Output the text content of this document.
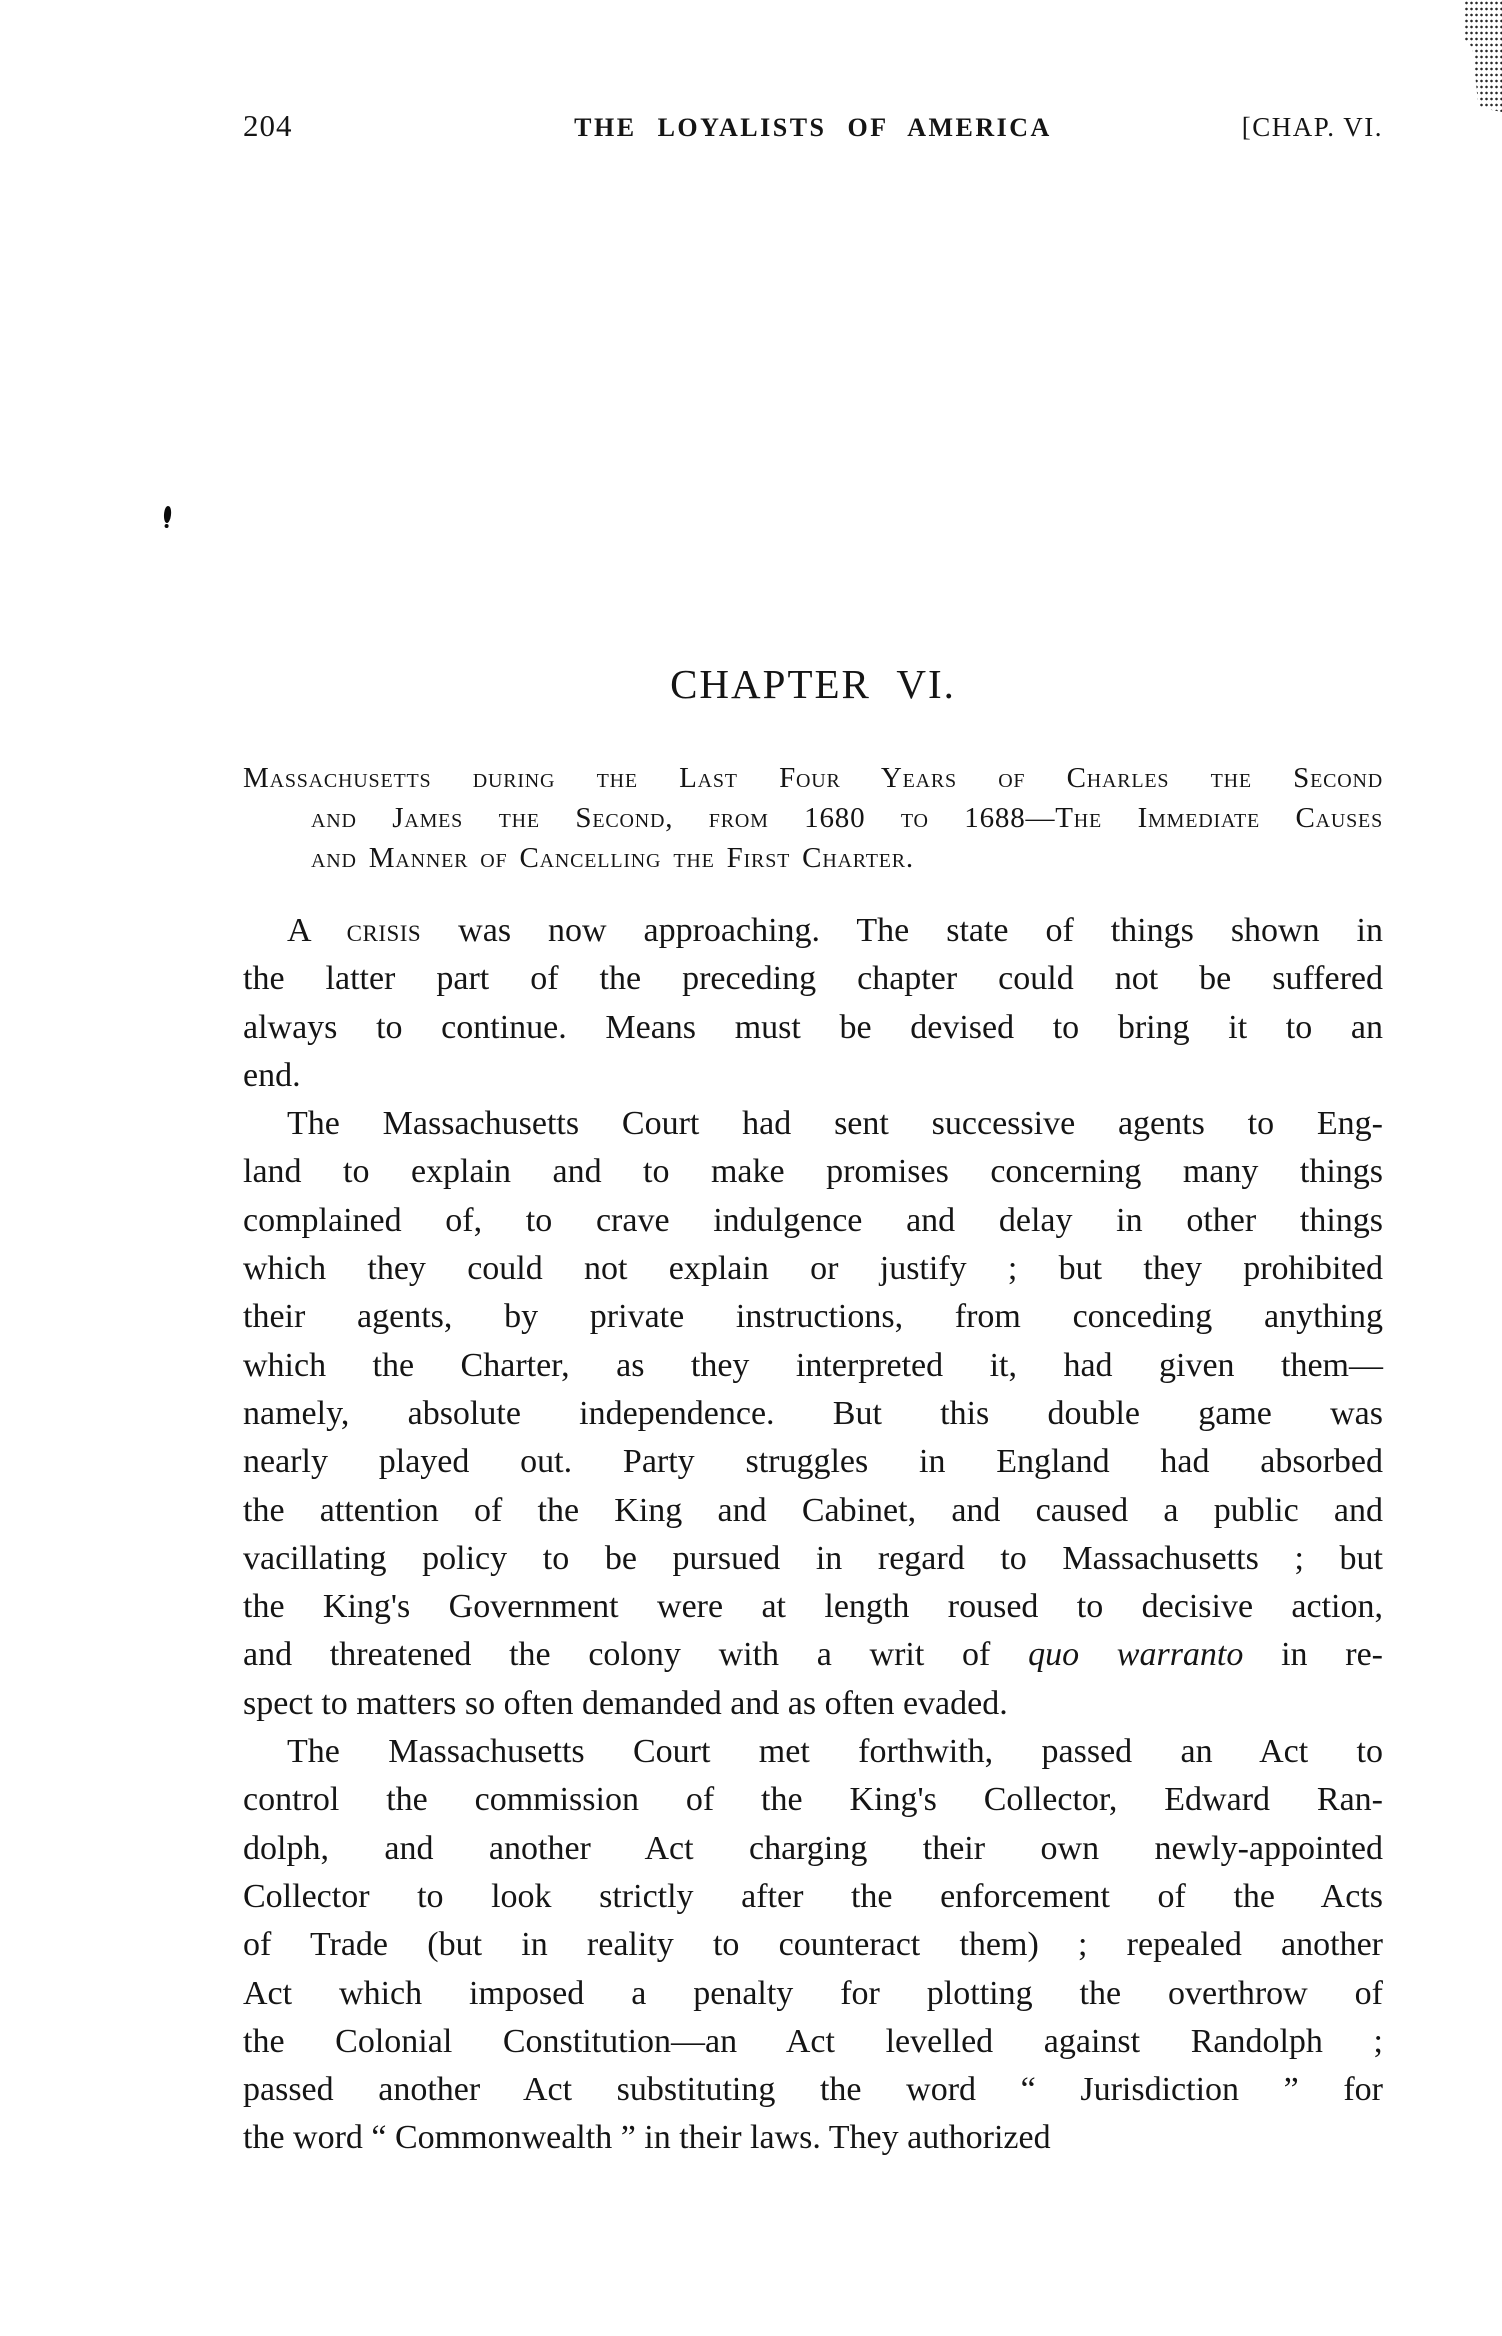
204	THE LOYALISTS OF AMERICA	[CHAP. VI.
CHAPTER VI.
Massachusetts during the Last Four Years of Charles the Second
and James the Second, from 1680 to 1688—The Immediate Causes
and Manner of Cancelling the First Charter.
A crisis was now approaching. The state of things shown in
the latter part of the preceding chapter could not be suffered
always to continue. Means must be devised to bring it to an
end.
The Massachusetts Court had sent successive agents to Eng-
land to explain and to make promises concerning many things
complained of, to crave indulgence and delay in other things
which they could not explain or justify ; but they prohibited
their agents, by private instructions, from conceding anything
which the Charter, as they interpreted it, had given them—
namely, absolute independence. But this double game was
nearly played out. Party struggles in England had absorbed
the attention of the King and Cabinet, and caused a public and
vacillating policy to be pursued in regard to Massachusetts ; but
the King's Government were at length roused to decisive action,
and threatened the colony with a writ of quo warranto in re-
spect to matters so often demanded and as often evaded.
The Massachusetts Court met forthwith, passed an Act to
control the commission of the King's Collector, Edward Ran-
dolph, and another Act charging their own newly-appointed
Collector to look strictly after the enforcement of the Acts
of Trade (but in reality to counteract them) ; repealed another
Act which imposed a penalty for plotting the overthrow of
the Colonial Constitution—an Act levelled against Randolph ;
passed another Act substituting the word “ Jurisdiction ” for
the word “ Commonwealth ” in their laws. They authorized
